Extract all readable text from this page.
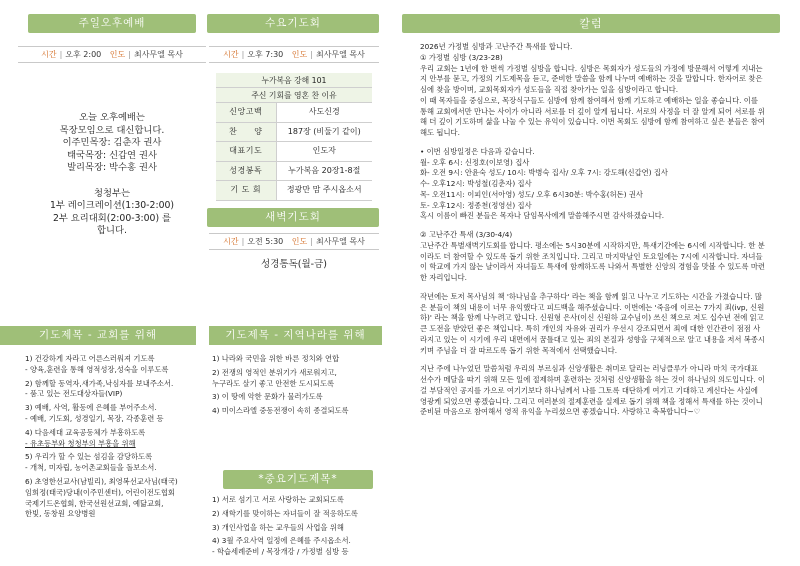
주일오후예배
시간 | 오후 2:00 인도 | 최사무엘 목사
오늘 오후예배는
목장모임으로 대신합니다.
이주민목장: 김춘자 권사
태국목장: 신갑연 권사
발리목장: 박수홍 권사

청청부는
1부 레이크레이션(1:30-2:00)
2부 요리대회(2:00-3:00) 를
합니다.
수요기도회
시간 | 오후 7:30 인도 | 최사무엘 목사
누가복음 강해 101
주신 기회를 영혼 찬 이유
신앙고백	사도신경
찬　　양	187장 (비둘기 같이)
대표기도	인도자
성경봉독	누가복음 20장1-8절
기 도 회	정광만 맘 주시옵소서
새벽기도회
시간 | 오전 5:30 인도 | 최사무엘 목사
성경통독(월-금)
기도제목 - 교회를 위해
1) 건강하게 자라고 어른스러워져 기도록
- 양육,훈련을 통해 영적성장,성숙을 이루도록
2) 함께할 동역자,새가족,낙심자를 보내주소서.
- 품고 있는 전도대상자들(VIP)
3) 예배, 사역, 활동에 은혜를 부어주소서.
- 예배, 기도회, 성경일기, 목장, 각종훈련 등
4) 다음세대 교육공동체가 부흥하도록
- 유초등부와 청청부의 부흥을 위해
5) 우리가 할 수 있는 섬김을 감당하도록
- 개척, 미자립, 농어촌교회들을 돌보소서.
6) 초영한선교사(남빌리), 최영복선교사님(태국)
임희정(태국)당내(이주민센터), 어린이전도협회
국제기드온협회, 한국선원선교회, 예닮교회,
한빛, 동창원 요양병원
기도제목 - 지역나라를 위해
1) 나라와 국민을 위한 바른 정치와 연합
2) 전쟁의 영적인 분위기가 새로워지고,
누구라도 살기 좋고 안전한 도시되도록
3) 이 땅에 악한 문화가 물러가도록
4) 미이스라엘 중동전쟁이 속히 종결되도록
*중요기도제목*
1) 서로 섬기고 서로 사랑하는 교회되도록
2) 새학기를 맞이하는 자녀들이 잘 적응하도록
3) 개인사업을 하는 교우들의 사업을 위해
4) 3월 주요사역 일정에 은혜를 주시옵소서.
- 학습세례준비 / 목장개강 / 가정별 심방 등
칼럼
2026년 가정별 심방과 고난주간 특새를 합니다.
① 가정별 심방 (3/23-28)
우리 교회는 1년에 한 번씩 가정별 심방을 합니다. 심방은 목회자가 성도들의 가정에 방문해서 어떻게 지내는지 안부를 묻고, 가정의 기도제목을 듣고, 준비한 말씀을 함께 나누며 예배하는 것을 말합니다. 한자어로 찾은 심에 찾을 방이며, 교회목회자가 성도들을 직접 찾아가는 일을 심방이라고 합니다.
이 때 목자들을 중심으로, 목장식구들도 심방에 함께 참여해서 함께 기도하고 예배하는 일을 좋습니다. 이를 통해 교회에서만 만나는 사이가 아니라 서로를 더 깊이 알게 됩니다. 서로의 사정을 더 잘 알게 되어 서로를 위해 더 깊이 기도하며 삶을 나눌 수 있는 유익이 있습니다. 이번 목회도 심방에 함께 참여하고 싶은 분들은 참여해도 됩니다.
• 이번 심방일정은 다음과 같습니다.
월- 오후 6시: 신정호(이보영) 집사
화- 오전 9시: 안윤숙 성도/ 10시: 박병숙 집사/ 오후 7시: 강도해(신갑연) 집사
수- 오후12시: 박성철(김춘자) 집사
목- 오전11시: 이피인(서아영) 성도/ 오후 6시30분: 박수홍(허돈) 권사
토- 오후12시: 정종천(정영선) 집사
혹시 이름이 빠진 분들은 목자나 담임목사에게 말씀해주시면 감사하겠습니다.
② 고난주간 특새 (3/30-4/4)
고난주간 특별새벽기도회를 합니다. 평소에는 5시30분에 시작하지만, 특새기간에는 6시에 시작합니다. 한 분이라도 더 참여할 수 있도록 돕기 위한 조치입니다. 그리고 마지막날인 토요일에는 7시에 시작합니다. 자녀들이 학교에 가지 않는 날이라서 자녀들도 특새에 함께하도록 나와서 특별한 신앙의 경험을 맛볼 수 있도록 마련한 자리입니다.
작년에는 토저 목사님의 책 '하나님을 추구하다' 라는 책을 함께 읽고 나누고 기도하는 시간을 가졌습니다. 많은 분들이 책의 내용이 너무 유익했다고 피드백을 해주셨습니다. 이번에는 '죽음에 이르는 7가지 죄(ivp, 신원하)' 라는 책을 함께 나누려고 합니다. 신원형 은사(이신 신원하 교수님이) 쓰신 책으로 저도 십수년 전에 읽고 큰 도전을 받았던 좋은 책입니다. 특히 개인의 자유와 권리가 우선시 강조되면서 죄에 대한 인간관이 점점 사라지고 있는 이 시기에 우리 내면에서 꿈틀대고 있는 죄의 본질과 성향을 구체적으로 알고 내용을 저서 복종시키며 주님을 더 잘 따르도록 돕기 위한 목적에서 선택했습니다.
지난 주에 나누었던 말씀처럼 우리의 부르심과 신앙생활은 취미로 달리는 러닝클루가 아니라 마치 국가대표 선수가 메달을 따기 위해 모든 일에 절제하며 훈련하는 것처럼 신앙생활을 하는 것이 하나님의 의도입니다. 이걸 부담적인 공지를 가으로 여기기보다 하나님께서 나를 그토록 대단하게 여기고 기대하고 계신다는 사실에 영광케 되었으면 좋겠습니다. 그리고 여러분의 절제훈련을 실제로 돕기 위해 책을 정해서 특새를 하는 것이니 준비된 마음으로 참여해서 영적 유익을 누리셨으면 좋겠습니다. 사랑하고 축복합니다~♡
